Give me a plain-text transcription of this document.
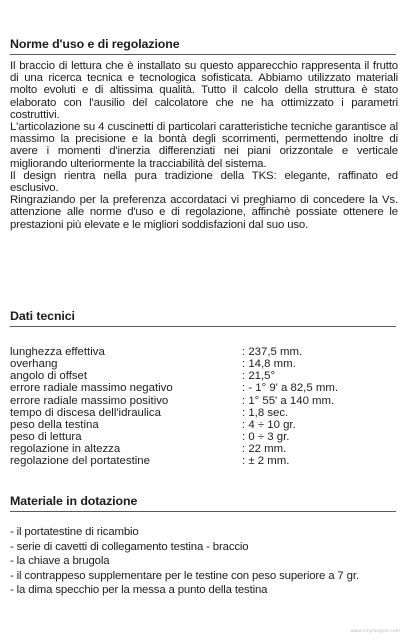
Norme d'uso e di regolazione

Il braccio di lettura che è installato su questo apparecchio rappresenta il frutto di una ricerca tecnica e tecnologica sofisticata. Abbiamo utilizzato materiali molto evoluti e di altissima qualità. Tutto il calcolo della struttura è stato elaborato con l'ausilio del calcolatore che ne ha ottimizzato i parametri costruttivi.

L'articolazione su 4 cuscinetti di particolari caratteristiche tecniche garantisce al massimo la precisione e la bontà degli scorrimenti, permettendo inoltre di avere i momenti d'inerzia differenziati nei piani orizzontale e verticale migliorando ulteriormente la tracciabilità del sistema.

Il design rientra nella pura tradizione della TKS: elegante, raffinato ed esclusivo.

Ringraziando per la preferenza accordataci vi preghiamo di concedere la Vs. attenzione alle norme d'uso e di regolazione, affinchè possiate ottenere le prestazioni più elevate e le migliori soddisfazioni dal suo uso.

Dati tecnici
lunghezza effettiva	: 237,5 mm.
overhang	: 14,8 mm.
angolo di offset	: 21,5°
errore radiale massimo negativo	: - 1° 9' a 82,5 mm.
errore radiale massimo positivo	: 1° 55' a 140 mm.
tempo di discesa dell'idraulica	: 1,8 sec.
peso della testina	: 4 ÷ 10 gr.
peso di lettura	: 0 ÷ 3 gr.
regolazione in altezza	: 22 mm.
regolazione del portatestine	: ± 2 mm.
Materiale in dotazione
- il portatestine di ricambio
- serie di cavetti di collegamento testina - braccio
- la chiave a brugola
- il contrappeso supplementare per le testine con peso superiore a 7 gr.
- la dima specchio per la messa a punto della testina
www.vinylengine.com
